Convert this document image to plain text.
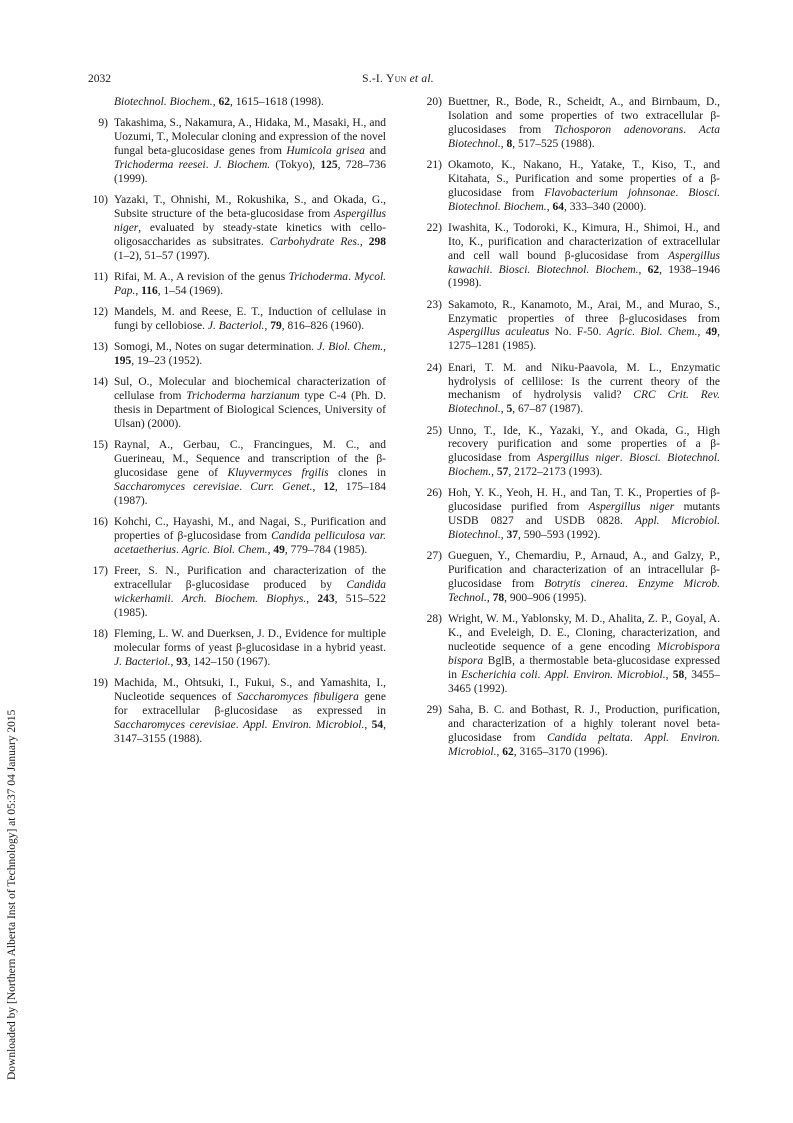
2032	S.-I. Yun et al.
Biotechnol. Biochem., 62, 1615–1618 (1998).
9) Takashima, S., Nakamura, A., Hidaka, M., Masaki, H., and Uozumi, T., Molecular cloning and expression of the novel fungal beta-glucosidase genes from Humicola grisea and Trichoderma reesei. J. Biochem. (Tokyo), 125, 728–736 (1999).
10) Yazaki, T., Ohnishi, M., Rokushika, S., and Okada, G., Subsite structure of the beta-glucosidase from Aspergillus niger, evaluated by steady-state kinetics with cello-oligosaccharides as subsitrates. Carbohydrate Res., 298 (1–2), 51–57 (1997).
11) Rifai, M. A., A revision of the genus Trichoderma. Mycol. Pap., 116, 1–54 (1969).
12) Mandels, M. and Reese, E. T., Induction of cellulase in fungi by cellobiose. J. Bacteriol., 79, 816–826 (1960).
13) Somogi, M., Notes on sugar determination. J. Biol. Chem., 195, 19–23 (1952).
14) Sul, O., Molecular and biochemical characterization of cellulase from Trichoderma harzianum type C-4 (Ph. D. thesis in Department of Biological Sciences, University of Ulsan) (2000).
15) Raynal, A., Gerbau, C., Francingues, M. C., and Guerineau, M., Sequence and transcription of the β-glucosidase gene of Kluyvermyces frgilis clones in Saccharomyces cerevisiae. Curr. Genet., 12, 175–184 (1987).
16) Kohchi, C., Hayashi, M., and Nagai, S., Purification and properties of β-glucosidase from Candida pelliculosa var. acetaetherius. Agric. Biol. Chem., 49, 779–784 (1985).
17) Freer, S. N., Purification and characterization of the extracellular β-glucosidase produced by Candida wickerhamii. Arch. Biochem. Biophys., 243, 515–522 (1985).
18) Fleming, L. W. and Duerksen, J. D., Evidence for multiple molecular forms of yeast β-glucosidase in a hybrid yeast. J. Bacteriol., 93, 142–150 (1967).
19) Machida, M., Ohtsuki, I., Fukui, S., and Yamashita, I., Nucleotide sequences of Saccharomyces fibuligera gene for extracellular β-glucosidase as expressed in Saccharomyces cerevisiae. Appl. Environ. Microbiol., 54, 3147–3155 (1988).
20) Buettner, R., Bode, R., Scheidt, A., and Birnbaum, D., Isolation and some properties of two extracellular β-glucosidases from Tichosporon adenovorans. Acta Biotechnol., 8, 517–525 (1988).
21) Okamoto, K., Nakano, H., Yatake, T., Kiso, T., and Kitahata, S., Purification and some properties of a β-glucosidase from Flavobacterium johnsonae. Biosci. Biotechnol. Biochem., 64, 333–340 (2000).
22) Iwashita, K., Todoroki, K., Kimura, H., Shimoi, H., and Ito, K., purification and characterization of extracellular and cell wall bound β-glucosidase from Aspergillus kawachii. Biosci. Biotechnol. Biochem., 62, 1938–1946 (1998).
23) Sakamoto, R., Kanamoto, M., Arai, M., and Murao, S., Enzymatic properties of three β-glucosidases from Aspergillus aculeatus No. F-50. Agric. Biol. Chem., 49, 1275–1281 (1985).
24) Enari, T. M. and Niku-Paavola, M. L., Enzymatic hydrolysis of cellilose: Is the current theory of the mechanism of hydrolysis valid? CRC Crit. Rev. Biotechnol., 5, 67–87 (1987).
25) Unno, T., Ide, K., Yazaki, Y., and Okada, G., High recovery purification and some properties of a β-glucosidase from Aspergillus niger. Biosci. Biotechnol. Biochem., 57, 2172–2173 (1993).
26) Hoh, Y. K., Yeoh, H. H., and Tan, T. K., Properties of β-glucosidase purified from Aspergillus niger mutants USDB 0827 and USDB 0828. Appl. Microbiol. Biotechnol., 37, 590–593 (1992).
27) Gueguen, Y., Chemardiu, P., Arnaud, A., and Galzy, P., Purification and characterization of an intracellular β-glucosidase from Botrytis cinerea. Enzyme Microb. Technol., 78, 900–906 (1995).
28) Wright, W. M., Yablonsky, M. D., Ahalita, Z. P., Goyal, A. K., and Eveleigh, D. E., Cloning, characterization, and nucleotide sequence of a gene encoding Microbispora bispora BglB, a thermostable beta-glucosidase expressed in Escherichia coli. Appl. Environ. Microbiol., 58, 3455–3465 (1992).
29) Saha, B. C. and Bothast, R. J., Production, purification, and characterization of a highly tolerant novel beta-glucosidase from Candida peltata. Appl. Environ. Microbiol., 62, 3165–3170 (1996).
Downloaded by [Northern Alberta Inst of Technology] at 05:37 04 January 2015
